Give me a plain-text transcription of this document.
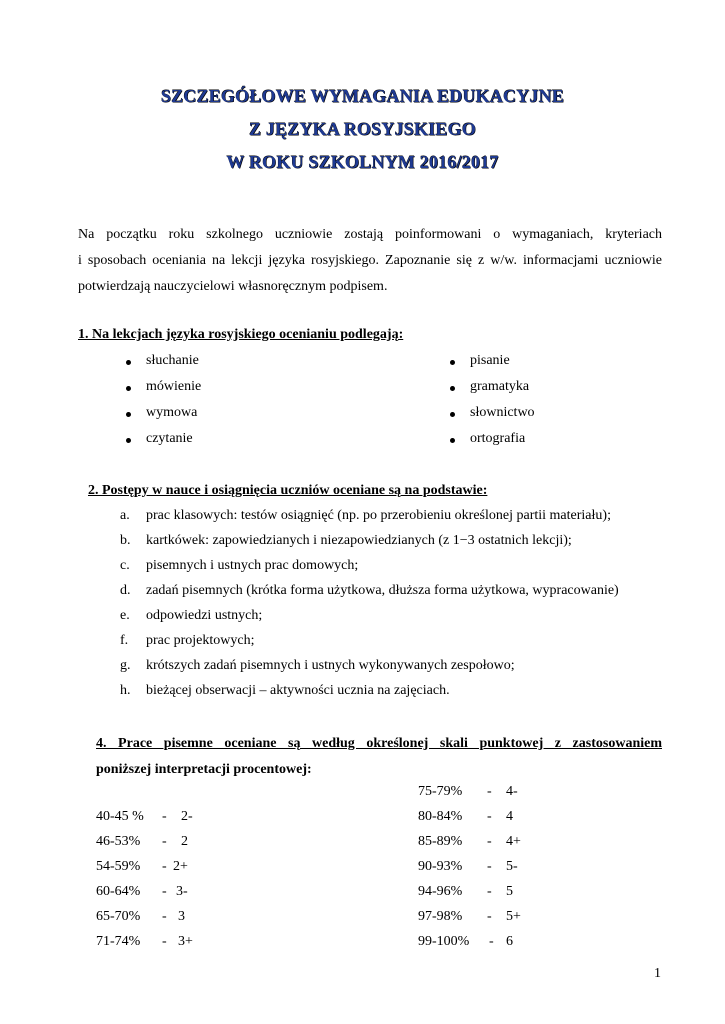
SZCZEGÓŁOWE WYMAGANIA EDUKACYJNE
Z JĘZYKA ROSYJSKIEGO
W ROKU SZKOLNYM 2016/2017
Na początku roku szkolnego uczniowie zostają poinformowani o wymaganiach, kryteriach
i sposobach oceniania na lekcji języka rosyjskiego. Zapoznanie się z w/w. informacjami uczniowie
potwierdzają nauczycielowi własnoręcznym podpisem.
1. Na lekcjach języka rosyjskiego ocenianiu podlegają:
słuchanie
mówienie
wymowa
czytanie
pisanie
gramatyka
słownictwo
ortografia
2. Postępy w nauce i osiągnięcia uczniów oceniane są na podstawie:
a. prac klasowych: testów osiągnięć (np. po przerobieniu określonej partii materiału);
b. kartkówek: zapowiedzianych i niezapowiedzianych (z 1−3 ostatnich lekcji);
c. pisemnych i ustnych prac domowych;
d. zadań pisemnych (krótka forma użytkowa, dłuższa forma użytkowa, wypracowanie)
e. odpowiedzi ustnych;
f. prac projektowych;
g. krótszych zadań pisemnych i ustnych wykonywanych zespołowo;
h. bieżącej obserwacji – aktywności ucznia na zajęciach.
4. Prace pisemne oceniane są według określonej skali punktowej z zastosowaniem
poniższej interpretacji procentowej:
40-45 % - 2-
46-53% - 2
54-59% - 2+
60-64% - 3-
65-70% - 3
71-74% - 3+
75-79% - 4-
80-84% - 4
85-89% - 4+
90-93% - 5-
94-96% - 5
97-98% - 5+
99-100% - 6
1
